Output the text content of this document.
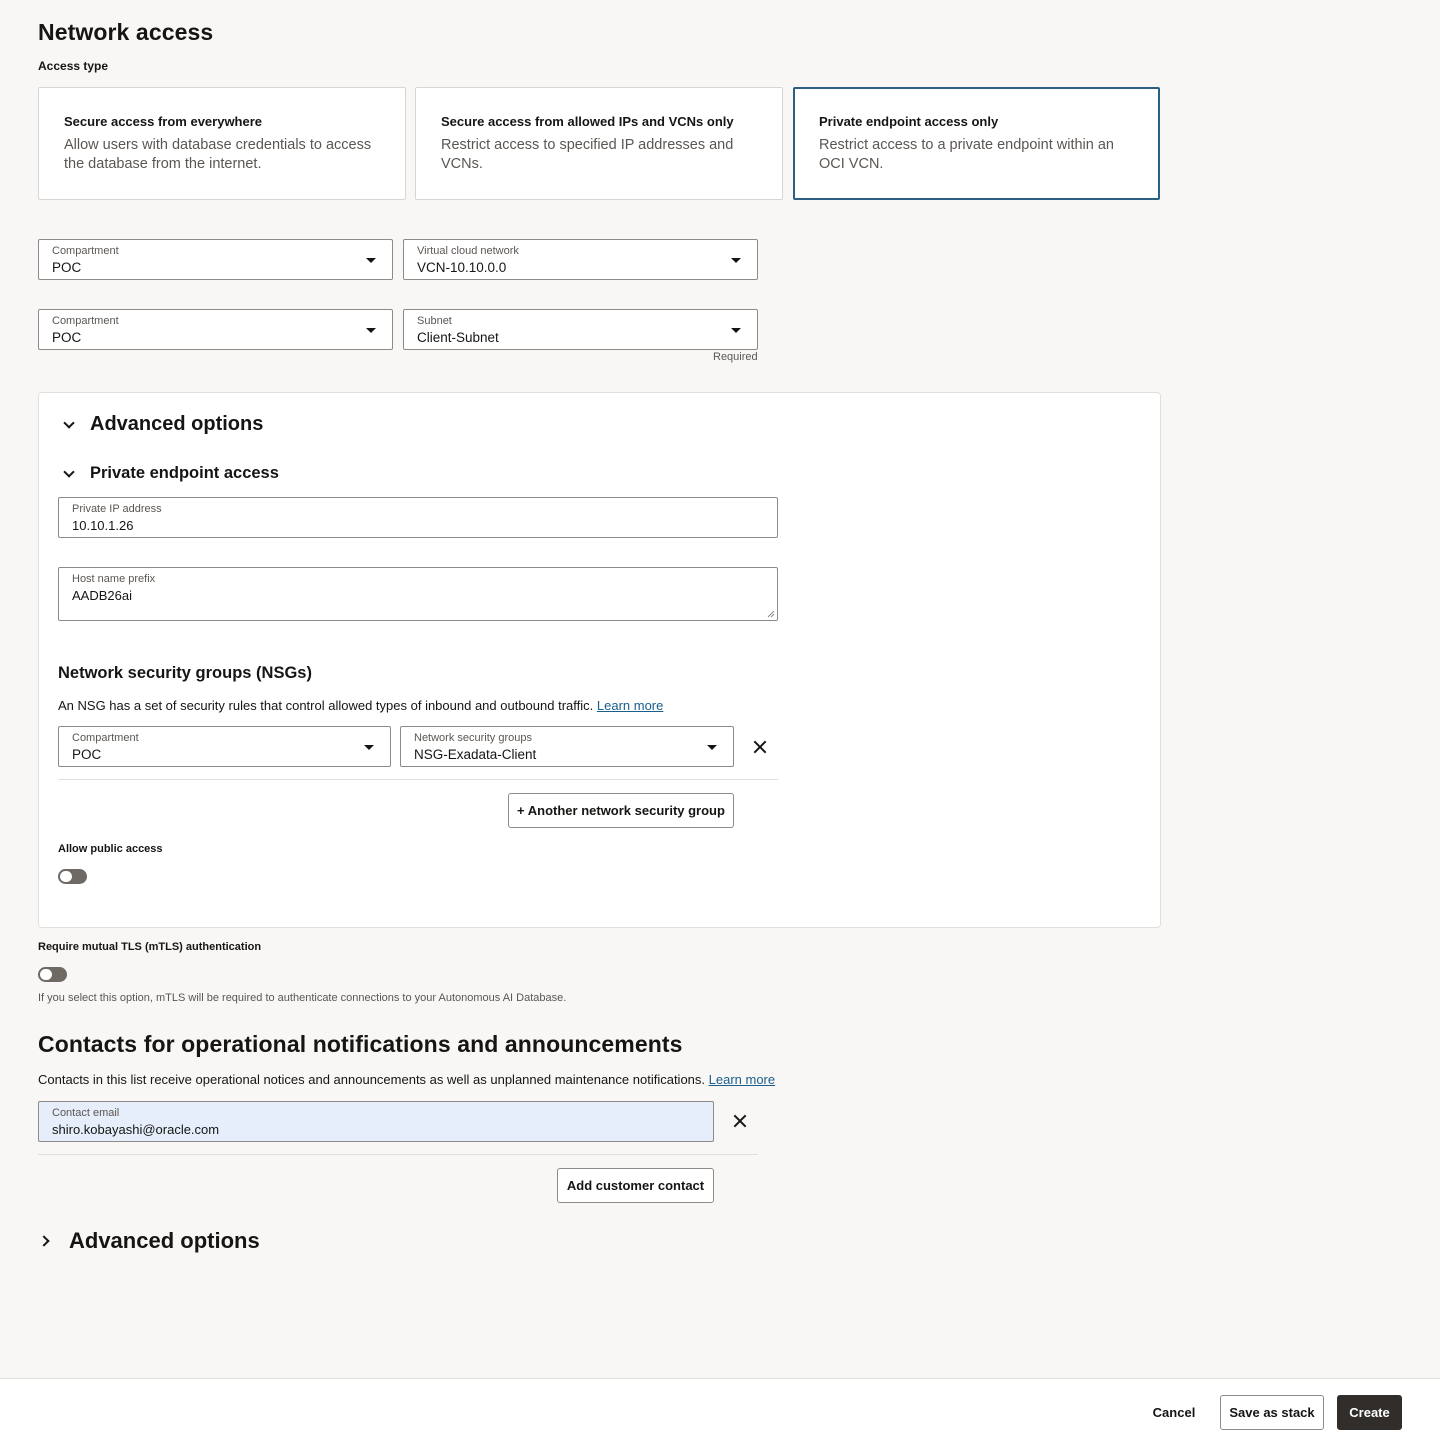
Network access
Access type
Secure access from everywhere
Allow users with database credentials to access the database from the internet.
Secure access from allowed IPs and VCNs only
Restrict access to specified IP addresses and VCNs.
Private endpoint access only
Restrict access to a private endpoint within an OCI VCN.
Compartment
POC
Virtual cloud network
VCN-10.10.0.0
Compartment
POC
Subnet
Client-Subnet
Required
Advanced options
Private endpoint access
Private IP address
10.10.1.26
Host name prefix
AADB26ai
Network security groups (NSGs)
An NSG has a set of security rules that control allowed types of inbound and outbound traffic. Learn more
Compartment
POC
Network security groups
NSG-Exadata-Client
+ Another network security group
Allow public access
Require mutual TLS (mTLS) authentication
If you select this option, mTLS will be required to authenticate connections to your Autonomous AI Database.
Contacts for operational notifications and announcements
Contacts in this list receive operational notices and announcements as well as unplanned maintenance notifications. Learn more
Contact email
shiro.kobayashi@oracle.com
Add customer contact
Advanced options
Cancel	Save as stack	Create
